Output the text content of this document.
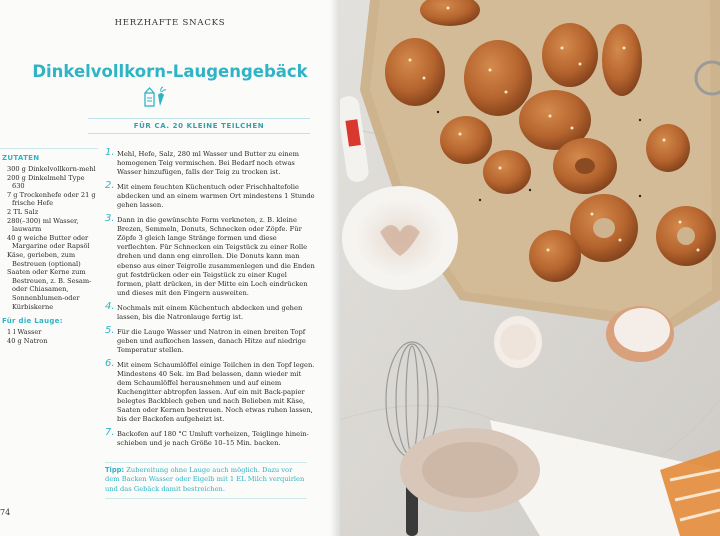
HERZHAFTE SNACKS
Dinkelvollkorn-Laugengebäck
FÜR CA. 20 KLEINE TEILCHEN
ZUTATEN
300 g Dinkelvollkorn-mehl
200 g Dinkelmehl Type 630
7 g Trockenhefe oder 21 g frische Hefe
2 TL Salz
280(–300) ml Wasser, lauwarm
40 g weiche Butter oder Margarine oder Rapsöl
Käse, gerieben, zum Bestreuen (optional)
Saaten oder Kerne zum Bestreuen, z. B. Sesam- oder Chiasamen, Sonnenblumen-oder Kürbiskerne
Für die Lauge:
1 l Wasser
40 g Natron
1. Mehl, Hefe, Salz, 280 ml Wasser und Butter zu einem homogenen Teig vermischen. Bei Bedarf noch etwas Wasser hinzufügen, falls der Teig zu trocken ist.
2. Mit einem feuchten Küchentuch oder Frischhaltefolie abdecken und an einem warmen Ort mindestens 1 Stunde gehen lassen.
3. Dann in die gewünschte Form verkneten, z. B. kleine Brezen, Semmeln, Donuts, Schnecken oder Zöpfe. Für Zöpfe 3 gleich lange Stränge formen und diese verflechten. Für Schnecken ein Teigstück zu einer Rolle drehen und dann eng einrollen. Die Donuts kann man ebenso aus einer Teigrolle zusammenlegen und die Enden gut festdrücken oder ein Teigstück zu einer Kugel formen, platt drücken, in der Mitte ein Loch eindrücken und dieses mit den Fingern ausweiten.
4. Nochmals mit einem Küchentuch abdecken und gehen lassen, bis die Natronlauge fertig ist.
5. Für die Lauge Wasser und Natron in einen breiten Topf geben und aufkochen lassen, danach Hitze auf niedrige Temperatur stellen.
6. Mit einem Schaumlöffel einige Teilchen in den Topf legen. Mindestens 40 Sek. im Bad belassen, dann wieder mit dem Schaumlöffel herausnehmen und auf einem Kuchengitter abtropfen lassen. Auf ein mit Back-papier belegtes Backblech geben und nach Belieben mit Käse, Saaten oder Kernen bestreuen. Noch etwas ruhen lassen, bis der Backofen aufgeheizt ist.
7. Backofen auf 180 °C Umluft vorheizen, Teiglinge hinein-schieben und je nach Größe 10–15 Min. backen.
Tipp: Zubereitung ohne Lauge auch möglich. Dazu vor dem Backen Wasser oder Eigelb mit 1 EL Milch verquirlen und das Gebäck damit bestreichen.
74
